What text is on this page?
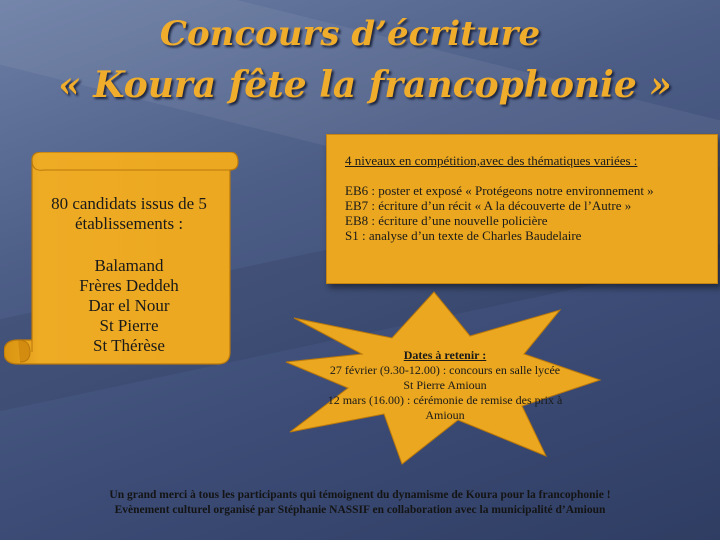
Concours d’écriture
« Koura fête la francophonie »

80 candidats issus de 5 établissements :

Balamand

Frères Deddeh

Dar el Nour

St Pierre

St Thérèse

4 niveaux en compétition,avec des thématiques variées :

EB6 : poster et exposé « Protégeons notre environnement »

EB7 : écriture d’un récit « A la découverte de l’Autre »

EB8 : écriture d’une nouvelle policière

S1 : analyse d’un texte de Charles Baudelaire

Dates à retenir :

27 février (9.30-12.00) : concours en salle lycée St Pierre Amioun

12 mars (16.00) : cérémonie de remise des prix à Amioun

Un grand merci à tous les participants qui témoignent du dynamisme de Koura pour la francophonie !

Evènement culturel organisé par Stéphanie NASSIF en collaboration avec la municipalité d’Amioun
